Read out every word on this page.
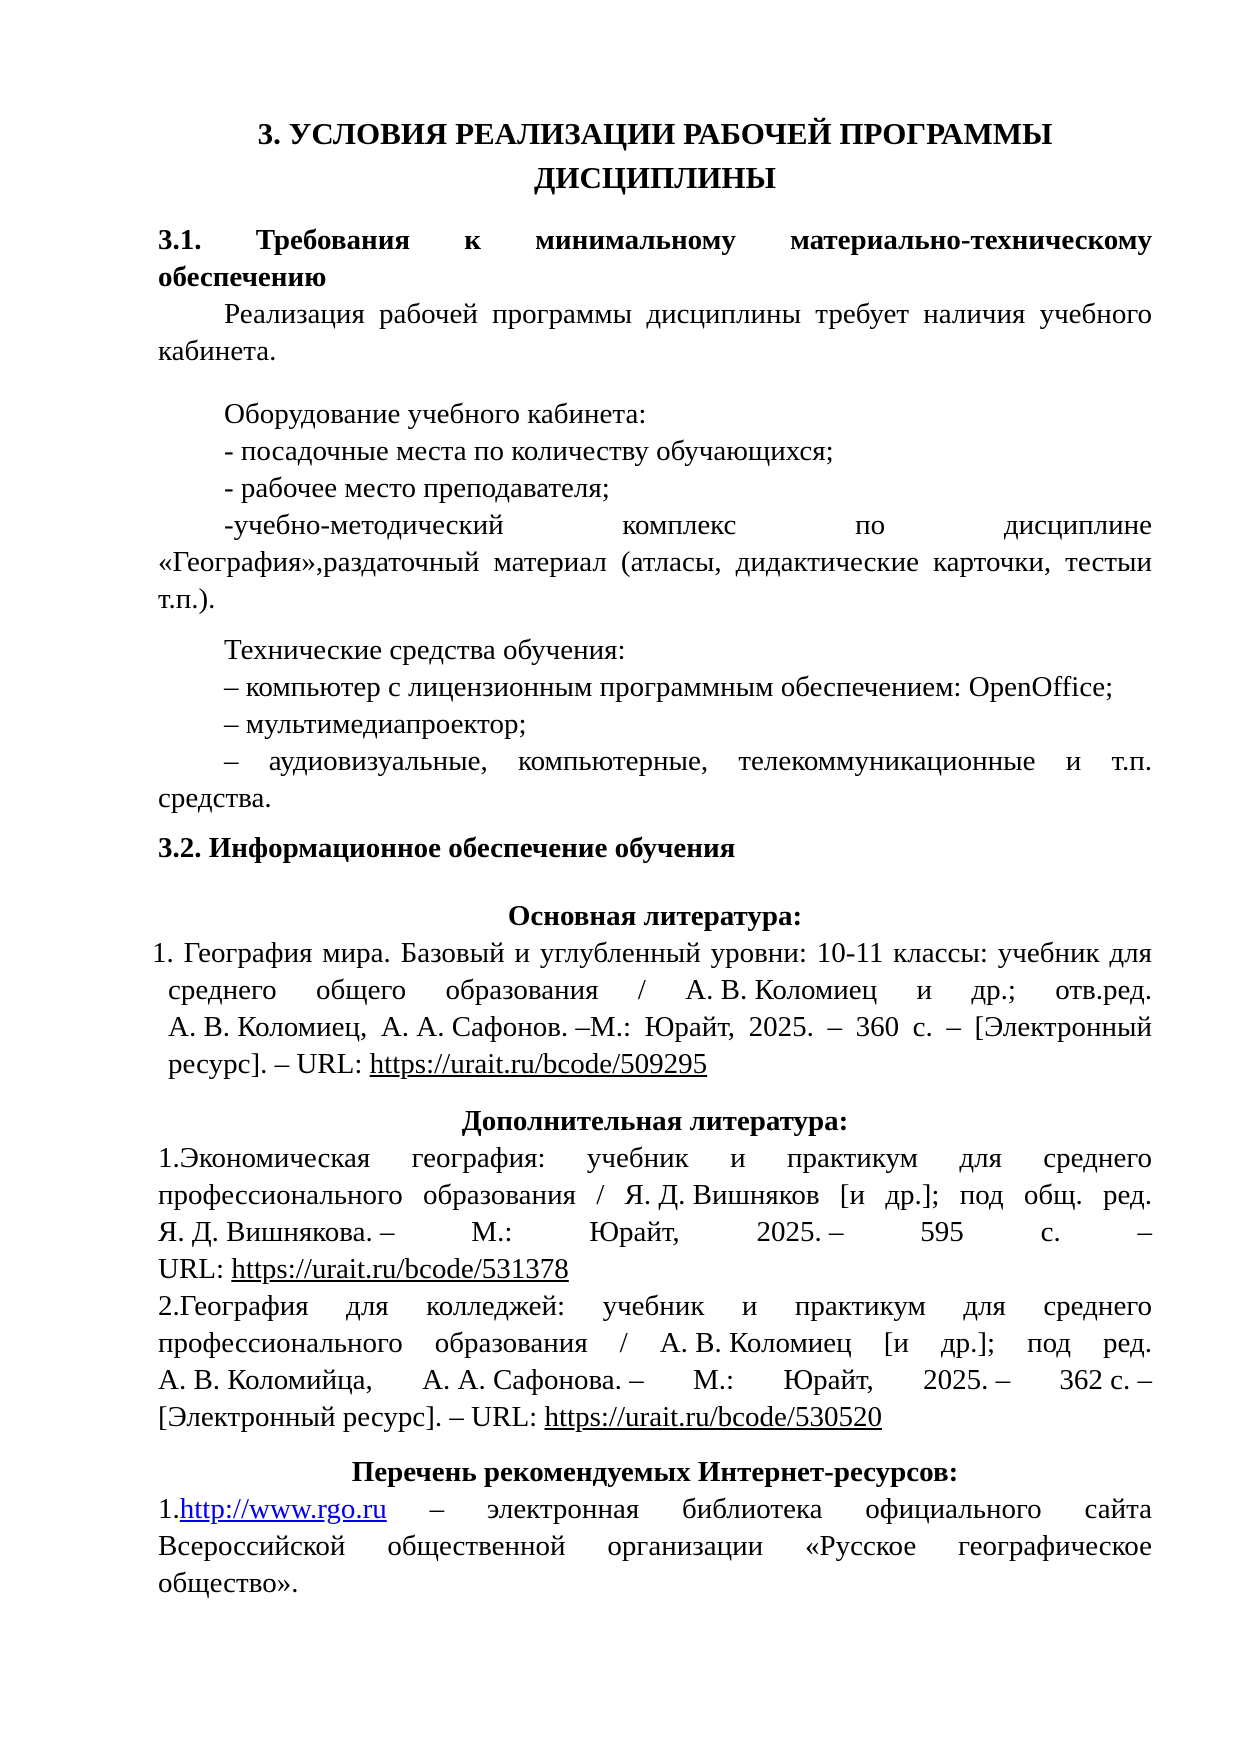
3. УСЛОВИЯ РЕАЛИЗАЦИИ РАБОЧЕЙ ПРОГРАММЫ
ДИСЦИПЛИНЫ
3.1. Требования к минимальному материально-техническому
обеспечению
Реализация рабочей программы дисциплины требует наличия учебного
кабинета.
Оборудование учебного кабинета:
- посадочные места по количеству обучающихся;
- рабочее место преподавателя;
-учебно-методический комплекс по дисциплине
«География»,раздаточный материал (атласы, дидактические карточки, тестыи
т.п.).
Технические средства обучения:
– компьютер с лицензионным программным обеспечением: OpenOffice;
– мультимедиапроектор;
– аудиовизуальные, компьютерные, телекоммуникационные и т.п.
средства.
3.2. Информационное обеспечение обучения
Основная литература:
1. География мира. Базовый и углубленный уровни: 10-11 классы: учебник для
среднего общего образования / А. В. Коломиец и др.; отв.ред.
А. В. Коломиец, А. А. Сафонов. –М.: Юрайт, 2025. – 360 с. – [Электронный
ресурс]. – URL: https://urait.ru/bcode/509295
Дополнительная литература:
1.Экономическая география: учебник и практикум для среднего
профессионального образования / Я. Д. Вишняков [и др.]; под общ. ред.
Я. Д. Вишнякова. – М.: Юрайт, 2025. – 595 с. –
URL: https://urait.ru/bcode/531378
2.География для колледжей: учебник и практикум для среднего
профессионального образования / А. В. Коломиец [и др.]; под ред.
А. В. Коломийца, А. А. Сафонова. – М.: Юрайт, 2025. – 362 с. –
[Электронный ресурс]. – URL: https://urait.ru/bcode/530520
Перечень рекомендуемых Интернет-ресурсов:
1.http://www.rgo.ru – электронная библиотека официального сайта
Всероссийской общественной организации «Русское географическое
общество».
